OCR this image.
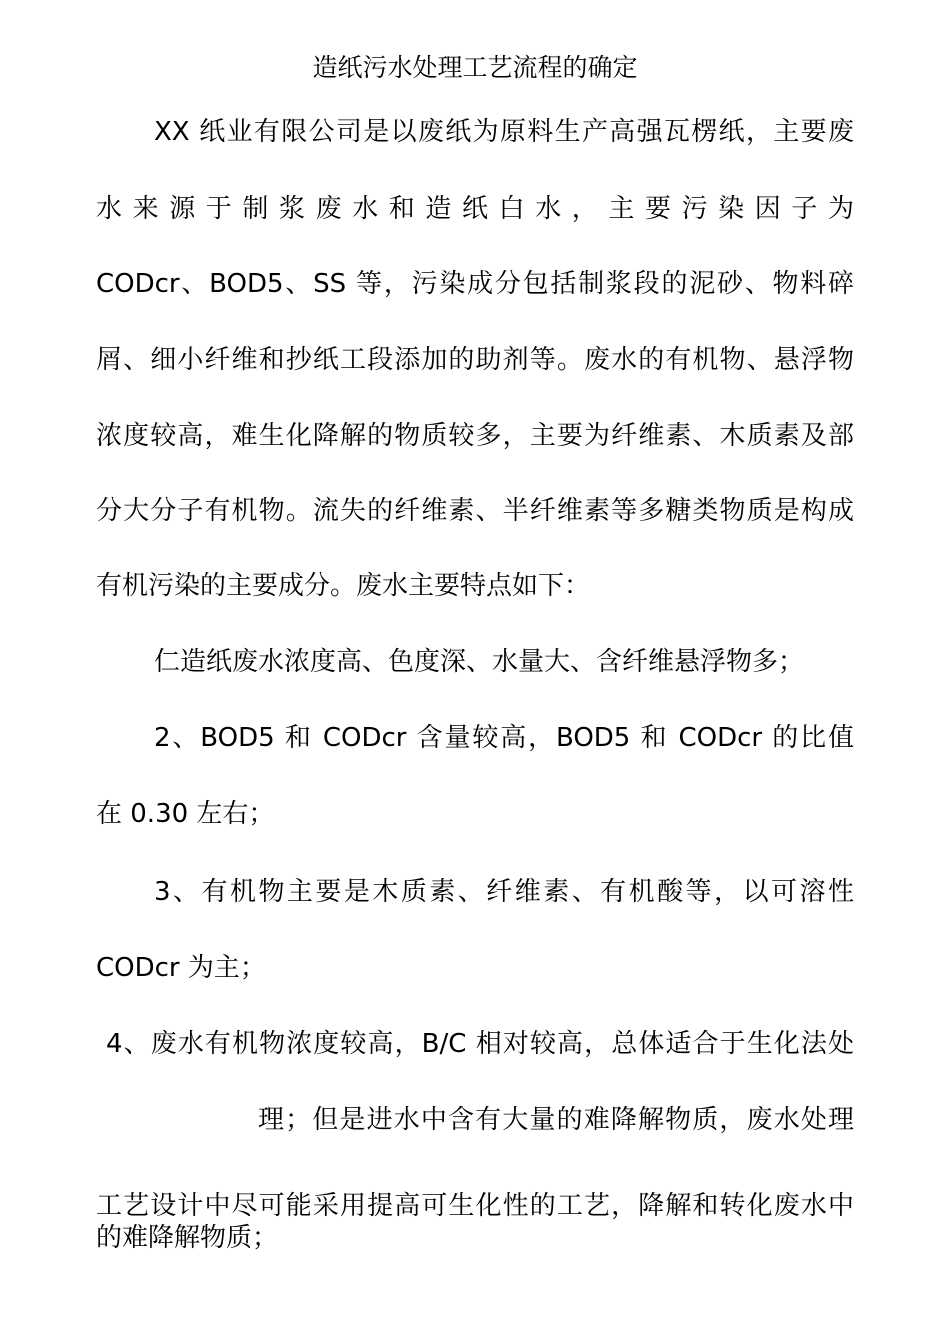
造纸污水处理工艺流程的确定
XX 纸业有限公司是以废纸为原料生产高强瓦楞纸，主要废
水来源于制浆废水和造纸白水，主要污染因子为
CODcr、BOD5、SS 等，污染成分包括制浆段的泥砂、物料碎
屑、细小纤维和抄纸工段添加的助剂等。废水的有机物、悬浮物
浓度较高，难生化降解的物质较多，主要为纤维素、木质素及部
分大分子有机物。流失的纤维素、半纤维素等多糖类物质是构成
有机污染的主要成分。废水主要特点如下：
仁造纸废水浓度高、色度深、水量大、含纤维悬浮物多；
2、BOD5 和 CODcr 含量较高，BOD5 和 CODcr 的比值
在 0.30 左右；
3、有机物主要是木质素、纤维素、有机酸等，以可溶性
CODcr 为主；
4、废水有机物浓度较高，B/C 相对较高，总体适合于生化法处
理；但是进水中含有大量的难降解物质，废水处理
工艺设计中尽可能采用提高可生化性的工艺，降解和转化废水中
的难降解物质；
